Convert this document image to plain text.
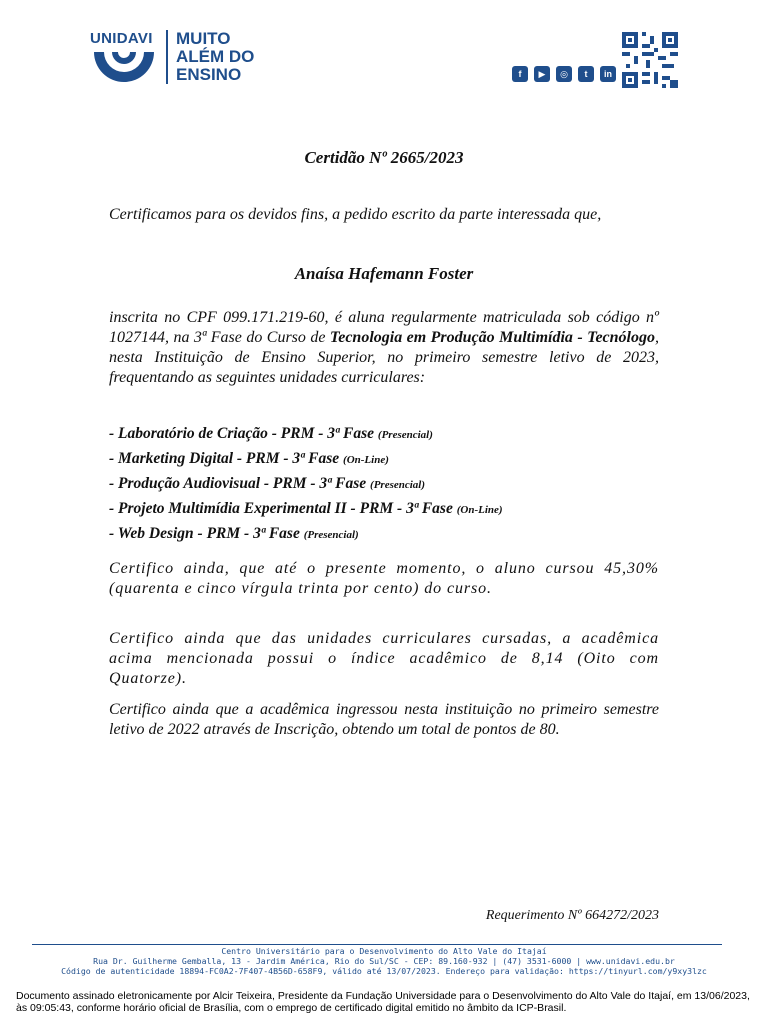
UNIDAVI MUITO
ALÉM DO
ENSINO	f	▶	◎	t	in
Certidão Nº 2665/2023
Certificamos para os devidos fins, a pedido escrito da parte interessada que,
Anaísa Hafemann Foster
inscrita no CPF 099.171.219-60, é aluna regularmente matriculada sob código nº 1027144, na 3ª Fase do Curso de Tecnologia em Produção Multimídia - Tecnólogo, nesta Instituição de Ensino Superior, no primeiro semestre letivo de 2023, frequentando as seguintes unidades curriculares:
- Laboratório de Criação - PRM - 3ª Fase (Presencial)
- Marketing Digital - PRM - 3ª Fase (On-Line)
- Produção Audiovisual - PRM - 3ª Fase (Presencial)
- Projeto Multimídia Experimental II - PRM - 3ª Fase (On-Line)
- Web Design - PRM - 3ª Fase (Presencial)
Certifico ainda, que até o presente momento, o aluno cursou 45,30% (quarenta e cinco vírgula trinta por cento) do curso.
Certifico ainda que das unidades curriculares cursadas, a acadêmica acima mencionada possui o índice acadêmico de 8,14 (Oito com Quatorze).
Certifico ainda que a acadêmica ingressou nesta instituição no primeiro semestre letivo de 2022 através de Inscrição, obtendo um total de pontos de 80.
Requerimento Nº 664272/2023
Centro Universitário para o Desenvolvimento do Alto Vale do Itajaí
Rua Dr. Guilherme Gemballa, 13 - Jardim América, Rio do Sul/SC - CEP: 89.160-932 | (47) 3531-6000 | www.unidavi.edu.br
Código de autenticidade 18894-FC0A2-7F407-4B56D-658F9, válido até 13/07/2023. Endereço para validação: https://tinyurl.com/y9xy3lzc
Documento assinado eletronicamente por Alcir Teixeira, Presidente da Fundação Universidade para o Desenvolvimento do Alto Vale do Itajaí, em 13/06/2023, às 09:05:43, conforme horário oficial de Brasília, com o emprego de certificado digital emitido no âmbito da ICP-Brasil.
